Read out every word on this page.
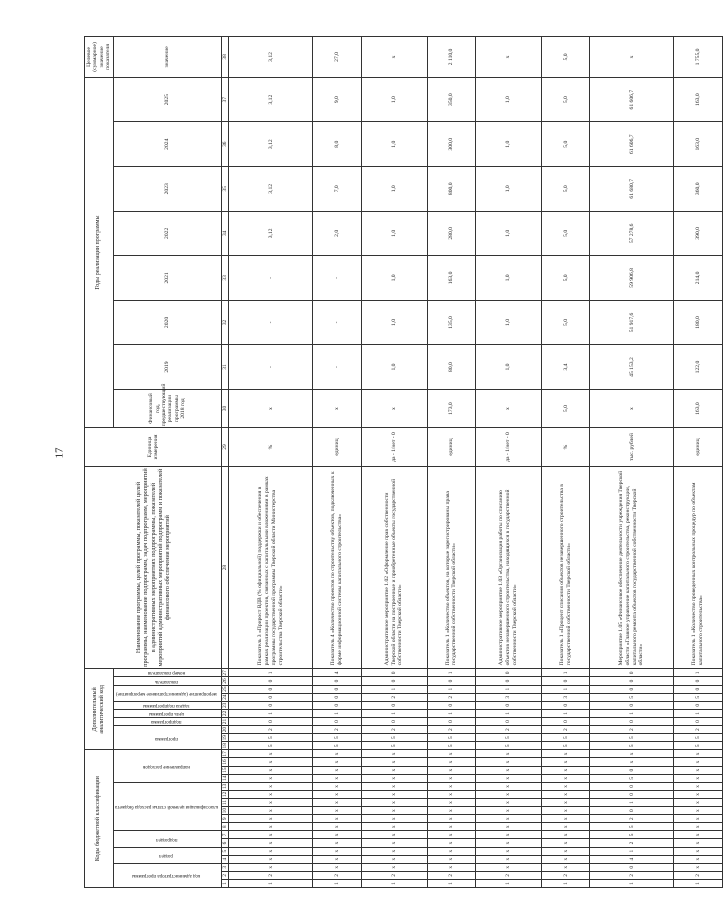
17
Коды бюджетной классификации																	Дополнительный аналитический код										Наименование программы, целей программы, показателей целей программы, наименование подпрограмм, задач подпрограмм, мероприятий в административных мероприятиях подпрограммы, показателей мероприятий административных мероприятий подпрограмм и показателей финансового обеспечения мероприятий	Единица измерения	Годы реализации программы								Целевое (суммарное) значение показателя
код администратора программы			раздел		подраздел		классификация целевой статьи расхода бюджета						направление расходов				программа			подпрограмма	цель программы	задача подпрограммы	мероприятие (административное мероприятие)		показатель	номер показателя			Финансовый год, предшествующий реализации программы 2018 год	2019	2020	2021	2022	2023	2024	2025	значение

1	2	3	4	5	6	7	8	9	10	11	12	13	14	15	16	17	18	19	20	21	22	23	24	25	26	27	28	29	30	31	32	33	34	35	36	37	38
1	2	х	х	х	х	х	х	х	х	х	х	х	х	х	х	х	5	5	2	0	1	0	0	0	0	1	Показатель 3 «Прирост ВДВ (% официальной) поддержки и обеспечения в рамках реализации проектов, связанных с капитальными вложениями в рамках программы государственной программы Тверской области Министерства строительства Тверской области»	%	х	-	-	-	3,12	3,12	3,12	3,12	3,12
1	2	х	х	х	х	х	х	х	х	х	х	х	х	х	х	х	5	5	2	0	1	0	0	0	0	4	Показатель 4 «Количество проектов по строительству объектов, подключенных к форме информационной системы капитального строительства»	единиц	х	-	-	-	2,0	7,0	8,0	9,0	27,0
1	2	х	х	х	х	х	х	х	х	х	х	х	х	х	х	х	5	5	2	0	1	0	2	1	0	0	Административное мероприятие 1.02 «Оформление прав собственности Тверской области на построенные и приобретенные объекты государственной собственности Тверской области»	да - 1/нет - 0	х	1,0	1,0	1,0	1,0	1,0	1,0	1,0	х
1	2	х	х	х	х	х	х	х	х	х	х	х	х	х	х	х	5	5	2	0	1	0	2	1	0	1	Показатель 1 «Количество объектов, на которые зарегистрированы права государственной собственности Тверской области»	единиц	173,0	80,0	135,0	163,0	280,0	800,0	300,0	350,0	2 110,0
1	2	х	х	х	х	х	х	х	х	х	х	х	х	х	х	х	5	5	2	0	1	0	3	1	0	0	Административное мероприятие 1.03 «Организация работы по списанию объектов незавершенного строительства, находящихся в государственной собственности Тверской области»	да - 1/нет - 0	х	1,0	1,0	1,0	1,0	1,0	1,0	1,0	х
1	2	х	х	х	х	х	х	х	х	х	х	х	х	х	х	х	5	5	2	0	1	0	3	1	0	1	Показатель 1 «Процент списания объектов незавершенного строительства в государственной собственности Тверской области»	%	5,0	3,4	5,0	5,0	5,0	5,0	5,0	5,0	5,0
1	2	0	4	1	2	5	5	2	0	1	0	0	5	0	х	х	5	5	2	0	1	0	5	0	0	0	Мероприятие 1.05 «Финансовое обеспечение деятельности учреждения Тверской области «Главное управление капитального строительства, реконструкции, капитального ремонта объектов государственной собственности Тверской области»	тыс. рублей	х	45 153,2	51 917,6	59 906,8	57 278,6	61 680,7	61 606,7	61 606,7	х
1	2	х	х	х	х	х	х	х	х	х	х	х	х	х	х	х	5	5	2	0	1	0	5	0	0	1	Показатель 1 «Количество проведенных контрольных процедур по объектам капитального строительства»	единиц	163,0	122,0	180,0	214,0	390,0	360,0	163,0	163,0	1 755,0
